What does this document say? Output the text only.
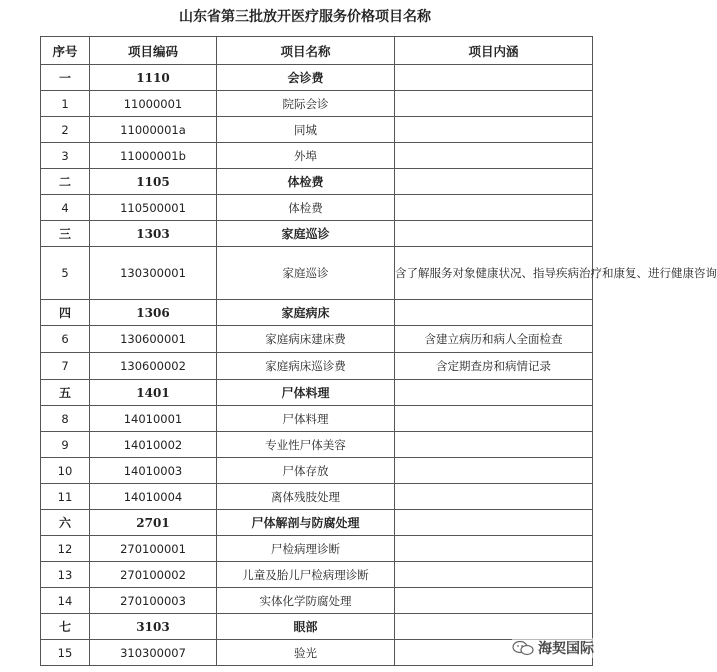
山东省第三批放开医疗服务价格项目名称
序号	项目编码	项目名称	项目内涵
一	1110	会诊费	
1	11000001	院际会诊	
2	11000001a	同城	
3	11000001b	外埠	
二	1105	体检费	
4	110500001	体检费	
三	1303	家庭巡诊	
5	130300001	家庭巡诊	含了解服务对象健康状况、指导疾病治疗和康复、进行健康咨询
四	1306	家庭病床	
6	130600001	家庭病床建床费	含建立病历和病人全面检查
7	130600002	家庭病床巡诊费	含定期查房和病情记录
五	1401	尸体料理	
8	14010001	尸体料理	
9	14010002	专业性尸体美容	
10	14010003	尸体存放	
11	14010004	离体残肢处理	
六	2701	尸体解剖与防腐处理	
12	270100001	尸检病理诊断	
13	270100002	儿童及胎儿尸检病理诊断	
14	270100003	实体化学防腐处理	
七	3103	眼部	
15	310300007	验光		海契国际
